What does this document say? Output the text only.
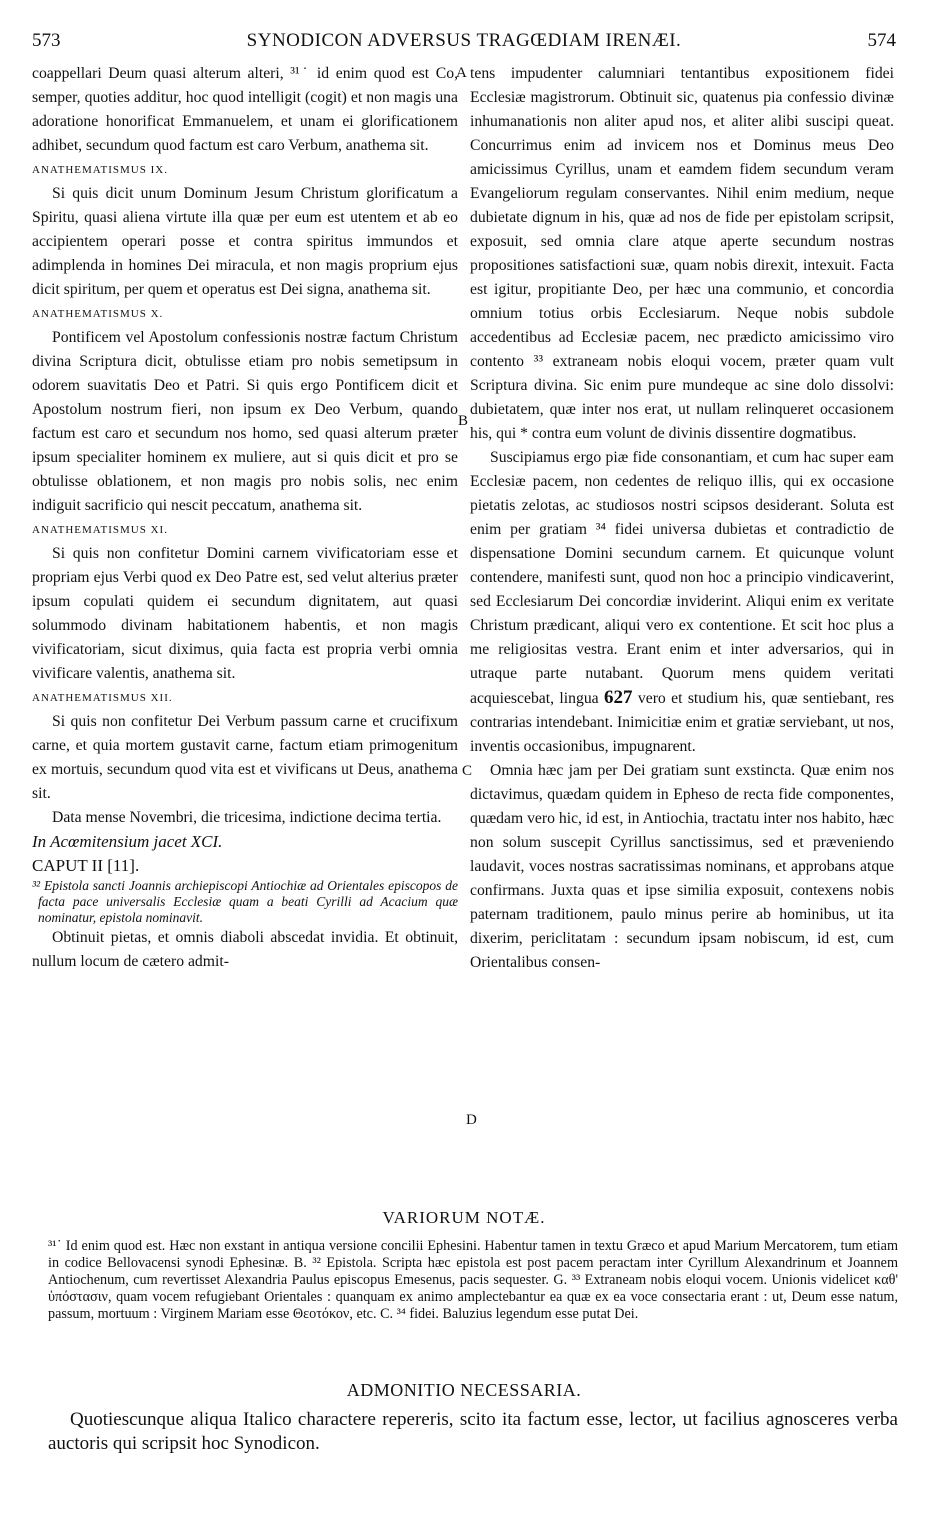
573	SYNODICON ADVERSUS TRAGŒDIAM IRENÆI.	574
A
B
C
D

coappellari Deum quasi alterum alteri, ³¹˙ id enim quod est Co, semper, quoties additur, hoc quod intelligit (cogit) et non magis una adoratione honorificat Emmanuelem, et unam ei glorificationem adhibet, secundum quod factum est caro Verbum, anathema sit.

ANATHEMATISMUS IX.

Si quis dicit unum Dominum Jesum Christum glorificatum a Spiritu, quasi aliena virtute illa quæ per eum est utentem et ab eo accipientem operari posse et contra spiritus immundos et adimplenda in homines Dei miracula, et non magis proprium ejus dicit spiritum, per quem et operatus est Dei signa, anathema sit.

ANATHEMATISMUS X.

Pontificem vel Apostolum confessionis nostræ factum Christum divina Scriptura dicit, obtulisse etiam pro nobis semetipsum in odorem suavitatis Deo et Patri. Si quis ergo Pontificem dicit et Apostolum nostrum fieri, non ipsum ex Deo Verbum, quando factum est caro et secundum nos homo, sed quasi alterum præter ipsum specialiter hominem ex muliere, aut si quis dicit et pro se obtulisse oblationem, et non magis pro nobis solis, nec enim indiguit sacrificio qui nescit peccatum, anathema sit.

ANATHEMATISMUS XI.

Si quis non confitetur Domini carnem vivificatoriam esse et propriam ejus Verbi quod ex Deo Patre est, sed velut alterius præter ipsum copulati quidem ei secundum dignitatem, aut quasi solummodo divinam habitationem habentis, et non magis vivificatoriam, sicut diximus, quia facta est propria verbi omnia vivificare valentis, anathema sit.

ANATHEMATISMUS XII.

Si quis non confitetur Dei Verbum passum carne et crucifixum carne, et quia mortem gustavit carne, factum etiam primogenitum ex mortuis, secundum quod vita est et vivificans ut Deus, anathema sit.

Data mense Novembri, die tricesima, indictione decima tertia.

In Acœmitensium jacet XCI.

CAPUT II [11].

³² Epistola sancti Joannis archiepiscopi Antiochiæ ad Orientales episcopos de facta pace universalis Ecclesiæ quam a beati Cyrilli ad Acacium quæ nominatur, epistola nominavit.

Obtinuit pietas, et omnis diaboli abscedat invidia. Et obtinuit, nullum locum de cætero admit-

tens impudenter calumniari tentantibus expositionem fidei Ecclesiæ magistrorum. Obtinuit sic, quatenus pia confessio divinæ inhumanationis non aliter apud nos, et aliter alibi suscipi queat. Concurrimus enim ad invicem nos et Dominus meus Deo amicissimus Cyrillus, unam et eamdem fidem secundum veram Evangeliorum regulam conservantes. Nihil enim medium, neque dubietate dignum in his, quæ ad nos de fide per epistolam scripsit, exposuit, sed omnia clare atque aperte secundum nostras propositiones satisfactioni suæ, quam nobis direxit, intexuit. Facta est igitur, propitiante Deo, per hæc una communio, et concordia omnium totius orbis Ecclesiarum. Neque nobis subdole accedentibus ad Ecclesiæ pacem, nec prædicto amicissimo viro contento ³³ extraneam nobis eloqui vocem, præter quam vult Scriptura divina. Sic enim pure mundeque ac sine dolo dissolvi: dubietatem, quæ inter nos erat, ut nullam relinqueret occasionem his, qui * contra eum volunt de divinis dissentire dogmatibus.

Suscipiamus ergo piæ fide consonantiam, et cum hac super eam Ecclesiæ pacem, non cedentes de reliquo illis, qui ex occasione pietatis zelotas, ac studiosos nostri scipsos desiderant. Soluta est enim per gratiam ³⁴ fidei universa dubietas et contradictio de dispensatione Domini secundum carnem. Et quicunque volunt contendere, manifesti sunt, quod non hoc a principio vindicaverint, sed Ecclesiarum Dei concordiæ inviderint. Aliqui enim ex veritate Christum prædicant, aliqui vero ex contentione. Et scit hoc plus a me religiositas vestra. Erant enim et inter adversarios, qui in utraque parte nutabant. Quorum mens quidem veritati acquiescebat, lingua 627 vero et studium his, quæ sentiebant, res contrarias intendebant. Inimicitiæ enim et gratiæ serviebant, ut nos, inventis occasionibus, impugnarent.

Omnia hæc jam per Dei gratiam sunt exstincta. Quæ enim nos dictavimus, quædam quidem in Epheso de recta fide componentes, quædam vero hic, id est, in Antiochia, tractatu inter nos habito, hæc non solum suscepit Cyrillus sanctissimus, sed et præveniendo laudavit, voces nostras sacratissimas nominans, et approbans atque confirmans. Juxta quas et ipse similia exposuit, contexens nobis paternam traditionem, paulo minus perire ab hominibus, ut ita dixerim, periclitatam : secundum ipsam nobiscum, id est, cum Orientalibus consen-

VARIORUM NOTÆ.
³¹˙ Id enim quod est. Hæc non exstant in antiqua versione concilii Ephesini. Habentur tamen in textu Græco et apud Marium Mercatorem, tum etiam in codice Bellovacensi synodi Ephesinæ. B. ³² Epistola. Scripta hæc epistola est post pacem peractam inter Cyrillum Alexandrinum et Joannem Antiochenum, cum revertisset Alexandria Paulus episcopus Emesenus, pacis sequester. G. ³³ Extraneam nobis eloqui vocem. Unionis videlicet καθ' ὑπόστασιν, quam vocem refugiebant Orientales : quanquam ex animo amplectebantur ea quæ ex ea voce consectaria erant : ut, Deum esse natum, passum, mortuum : Virginem Mariam esse Θεοτόκον, etc. C. ³⁴ fidei. Baluzius legendum esse putat Dei.
ADMONITIO NECESSARIA.
Quotiescunque aliqua Italico charactere repereris, scito ita factum esse, lector, ut facilius agnosceres verba auctoris qui scripsit hoc Synodicon.
